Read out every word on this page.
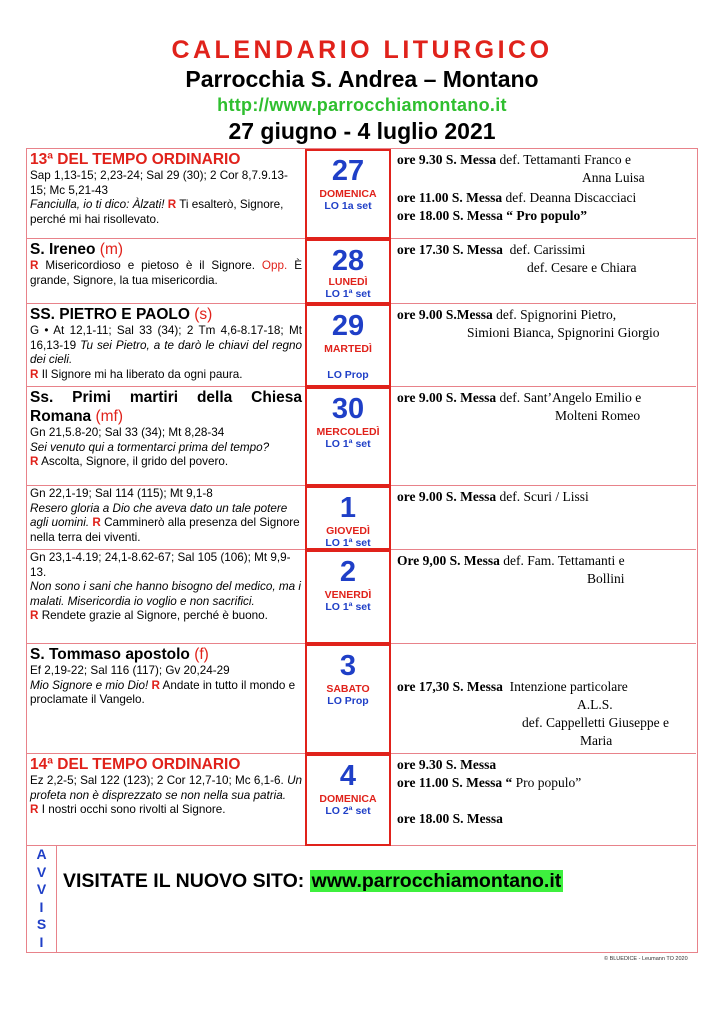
CALENDARIO LITURGICO
Parrocchia S. Andrea – Montano
http://www.parrocchiamontano.it
27 giugno - 4 luglio 2021
13ª DEL TEMPO ORDINARIO
Sap 1,13-15; 2,23-24; Sal 29 (30); 2 Cor 8,7.9.13-15; Mc 5,21-43
Fanciulla, io ti dico: Àlzati! R Ti esalterò, Signore, perché mi hai risollevato.
27
DOMENICA
LO 1a set
ore 9.30 S. Messa def. Tettamanti Franco e
Anna Luisa
ore 11.00 S. Messa def. Deanna Discacciaci
ore 18.00 S. Messa “ Pro populo”
S. Ireneo (m)
R Misericordioso e pietoso è il Signore. Opp. È grande, Signore, la tua misericordia.
28
LUNEDÌ
LO 1ª set
ore 17.30 S. Messa def. Carissimi
def. Cesare e Chiara
SS. PIETRO E PAOLO (s)
G • At 12,1-11; Sal 33 (34); 2 Tm 4,6-8.17-18; Mt 16,13-19 Tu sei Pietro, a te darò le chiavi del regno dei cieli.
R Il Signore mi ha liberato da ogni paura.
29
MARTEDÌ
LO Prop
ore 9.00 S.Messa def. Spignorini Pietro,
Simioni Bianca, Spignorini Giorgio
Ss. Primi martiri della Chiesa Romana (mf)
Gn 21,5.8-20; Sal 33 (34); Mt 8,28-34
Sei venuto qui a tormentarci prima del tempo?
R Ascolta, Signore, il grido del povero.
30
MERCOLEDÌ
LO 1ª set
ore 9.00 S. Messa def. Sant’Angelo Emilio e
Molteni Romeo
Gn 22,1-19; Sal 114 (115); Mt 9,1-8
Resero gloria a Dio che aveva dato un tale potere agli uomini. R Camminerò alla presenza del Signore nella terra dei viventi.
1
GIOVEDÌ
LO 1ª set
ore 9.00 S. Messa def. Scuri / Lissi
Gn 23,1-4.19; 24,1-8.62-67; Sal 105 (106); Mt 9,9-13.
Non sono i sani che hanno bisogno del medico, ma i malati. Misericordia io voglio e non sacrifici.
R Rendete grazie al Signore, perché è buono.
2
VENERDÌ
LO 1ª set
Ore 9,00 S. Messa def. Fam. Tettamanti e
Bollini
S. Tommaso apostolo (f)
Ef 2,19-22; Sal 116 (117); Gv 20,24-29
Mio Signore e mio Dio! R Andate in tutto il mondo e proclamate il Vangelo.
3
SABATO
LO Prop
ore 17,30 S. Messa Intenzione particolare
A.L.S.
def. Cappelletti Giuseppe e
Maria
14ª DEL TEMPO ORDINARIO
Ez 2,2-5; Sal 122 (123); 2 Cor 12,7-10; Mc 6,1-6. Un profeta non è disprezzato se non nella sua patria.
R I nostri occhi sono rivolti al Signore.
4
DOMENICA
LO 2ª set
ore 9.30 S. Messa
ore 11.00 S. Messa “ Pro populo”
ore 18.00 S. Messa
A
V
V
I
S
I
VISITATE IL NUOVO SITO: www.parrocchiamontano.it
© BLUEDICE - Leumann TO 2020
